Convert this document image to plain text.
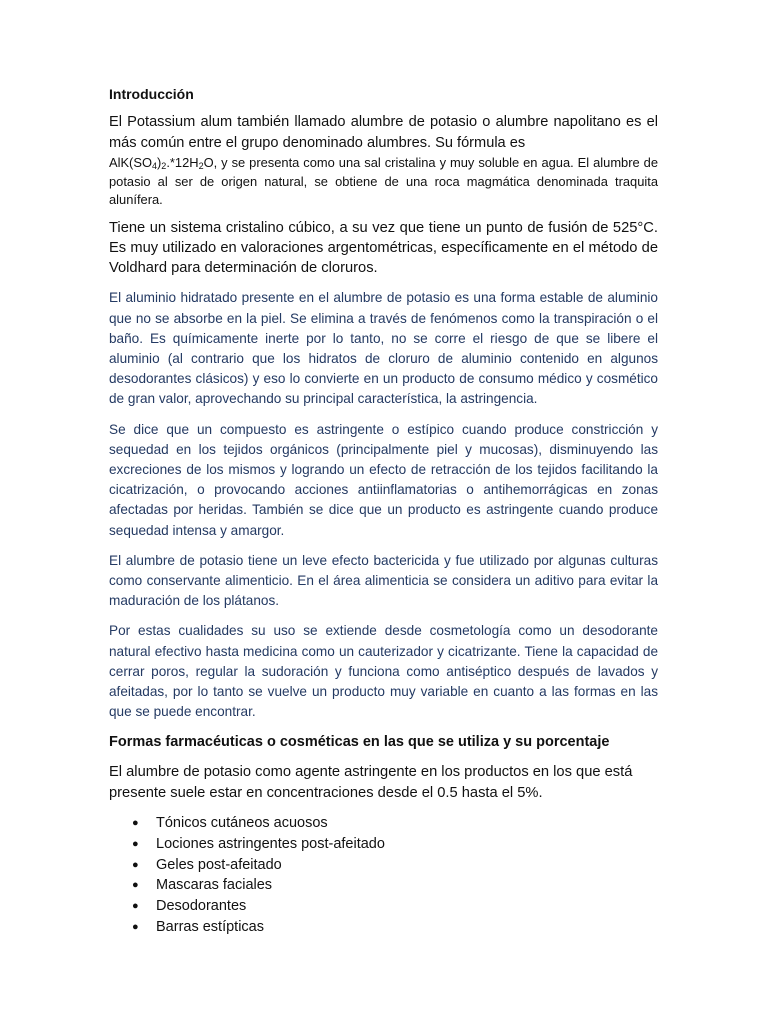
Introducción

El Potassium alum también llamado alumbre de potasio o alumbre napolitano es el más común entre el grupo denominado alumbres. Su fórmula es
$AlK(SO_4)_2.*12H_2O$, y se presenta como una sal cristalina y muy soluble en agua. El alumbre de potasio al ser de origen natural, se obtiene de una roca magmática denominada traquita alunífera.

Tiene un sistema cristalino cúbico, a su vez que tiene un punto de fusión de 525°C. Es muy utilizado en valoraciones argentométricas, específicamente en el método de Voldhard para determinación de cloruros.

El aluminio hidratado presente en el alumbre de potasio es una forma estable de aluminio que no se absorbe en la piel. Se elimina a través de fenómenos como la transpiración o el baño. Es químicamente inerte por lo tanto, no se corre el riesgo de que se libere el aluminio (al contrario que los hidratos de cloruro de aluminio contenido en algunos desodorantes clásicos) y eso lo convierte en un producto de consumo médico y cosmético de gran valor, aprovechando su principal característica, la astringencia.

Se dice que un compuesto es astringente o estípico cuando produce constricción y sequedad en los tejidos orgánicos (principalmente piel y mucosas), disminuyendo las excreciones de los mismos y logrando un efecto de retracción de los tejidos facilitando la cicatrización, o provocando acciones antiinflamatorias o antihemorrágicas en zonas afectadas por heridas. También se dice que un producto es astringente cuando produce sequedad intensa y amargor.

El alumbre de potasio tiene un leve efecto bactericida y fue utilizado por algunas culturas como conservante alimenticio. En el área alimenticia se considera un aditivo para evitar la maduración de los plátanos.

Por estas cualidades su uso se extiende desde cosmetología como un desodorante natural efectivo hasta medicina como un cauterizador y cicatrizante. Tiene la capacidad de cerrar poros, regular la sudoración y funciona como antiséptico después de lavados y afeitadas, por lo tanto se vuelve un producto muy variable en cuanto a las formas en las que se puede encontrar.

Formas farmacéuticas o cosméticas en las que se utiliza y su porcentaje

El alumbre de potasio como agente astringente en los productos en los que está presente suele estar en concentraciones desde el 0.5 hasta el 5%.

● Tónicos cutáneos acuosos
● Lociones astringentes post-afeitado
● Geles post-afeitado
● Mascaras faciales
● Desodorantes
● Barras estípticas
